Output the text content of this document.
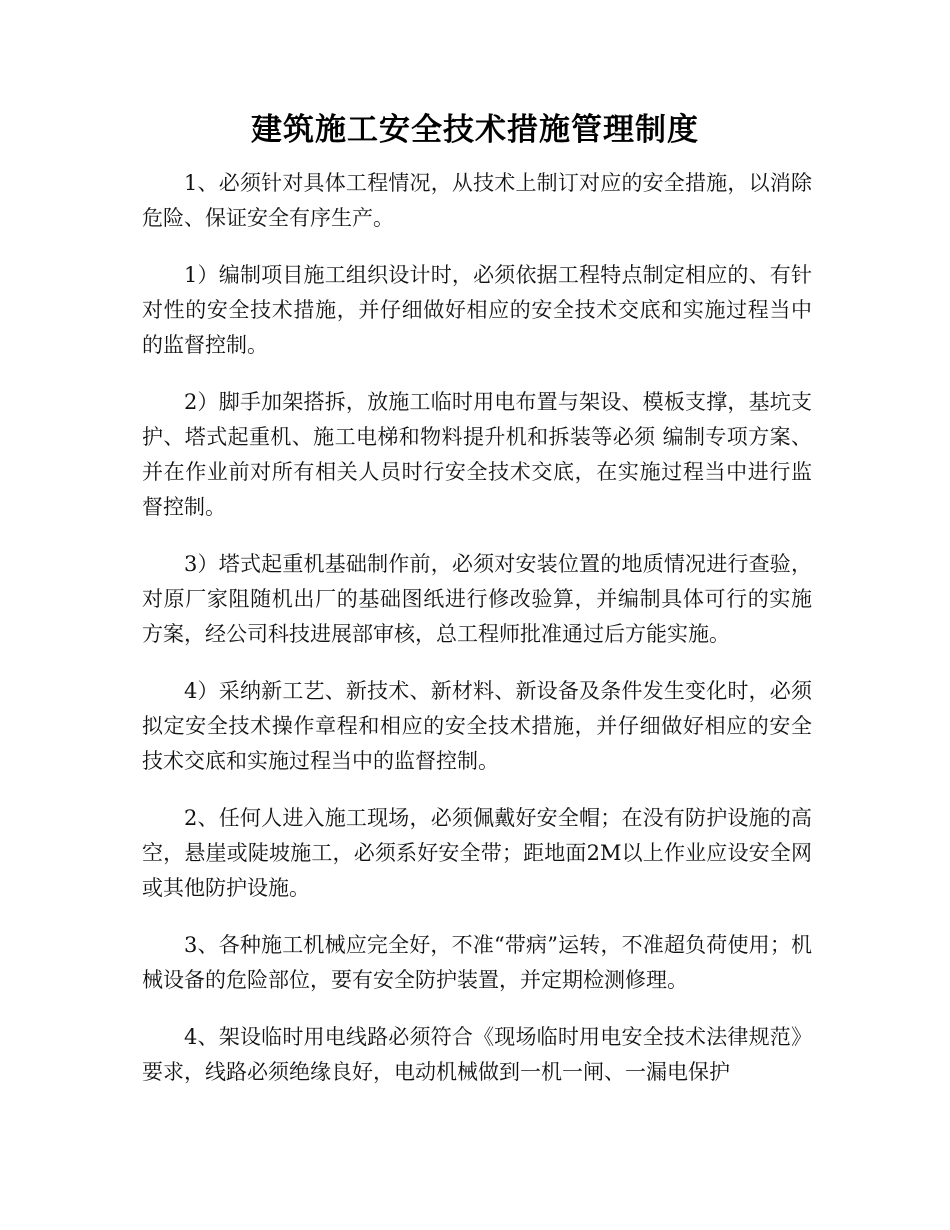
建筑施工安全技术措施管理制度

1、必须针对具体工程情况，从技术上制订对应的安全措施，以消除危险、保证安全有序生产。

1）编制项目施工组织设计时，必须依据工程特点制定相应的、有针对性的安全技术措施，并仔细做好相应的安全技术交底和实施过程当中的监督控制。

2）脚手加架搭拆，放施工临时用电布置与架设、模板支撑，基坑支护、塔式起重机、施工电梯和物料提升机和拆装等必须 编制专项方案、并在作业前对所有相关人员时行安全技术交底，在实施过程当中进行监督控制。

3）塔式起重机基础制作前，必须对安装位置的地质情况进行查验，对原厂家阻随机出厂的基础图纸进行修改验算，并编制具体可行的实施方案，经公司科技进展部审核，总工程师批准通过后方能实施。

4）采纳新工艺、新技术、新材料、新设备及条件发生变化时，必须拟定安全技术操作章程和相应的安全技术措施，并仔细做好相应的安全技术交底和实施过程当中的监督控制。

2、任何人进入施工现场，必须佩戴好安全帽；在没有防护设施的高空，悬崖或陡坡施工，必须系好安全带；距地面2M以上作业应设安全网或其他防护设施。

3、各种施工机械应完全好，不准“带病”运转，不准超负荷使用；机械设备的危险部位，要有安全防护装置，并定期检测修理。

4、架设临时用电线路必须符合《现场临时用电安全技术法律规范》要求，线路必须绝缘良好，电动机械做到一机一闸、一漏电保护
